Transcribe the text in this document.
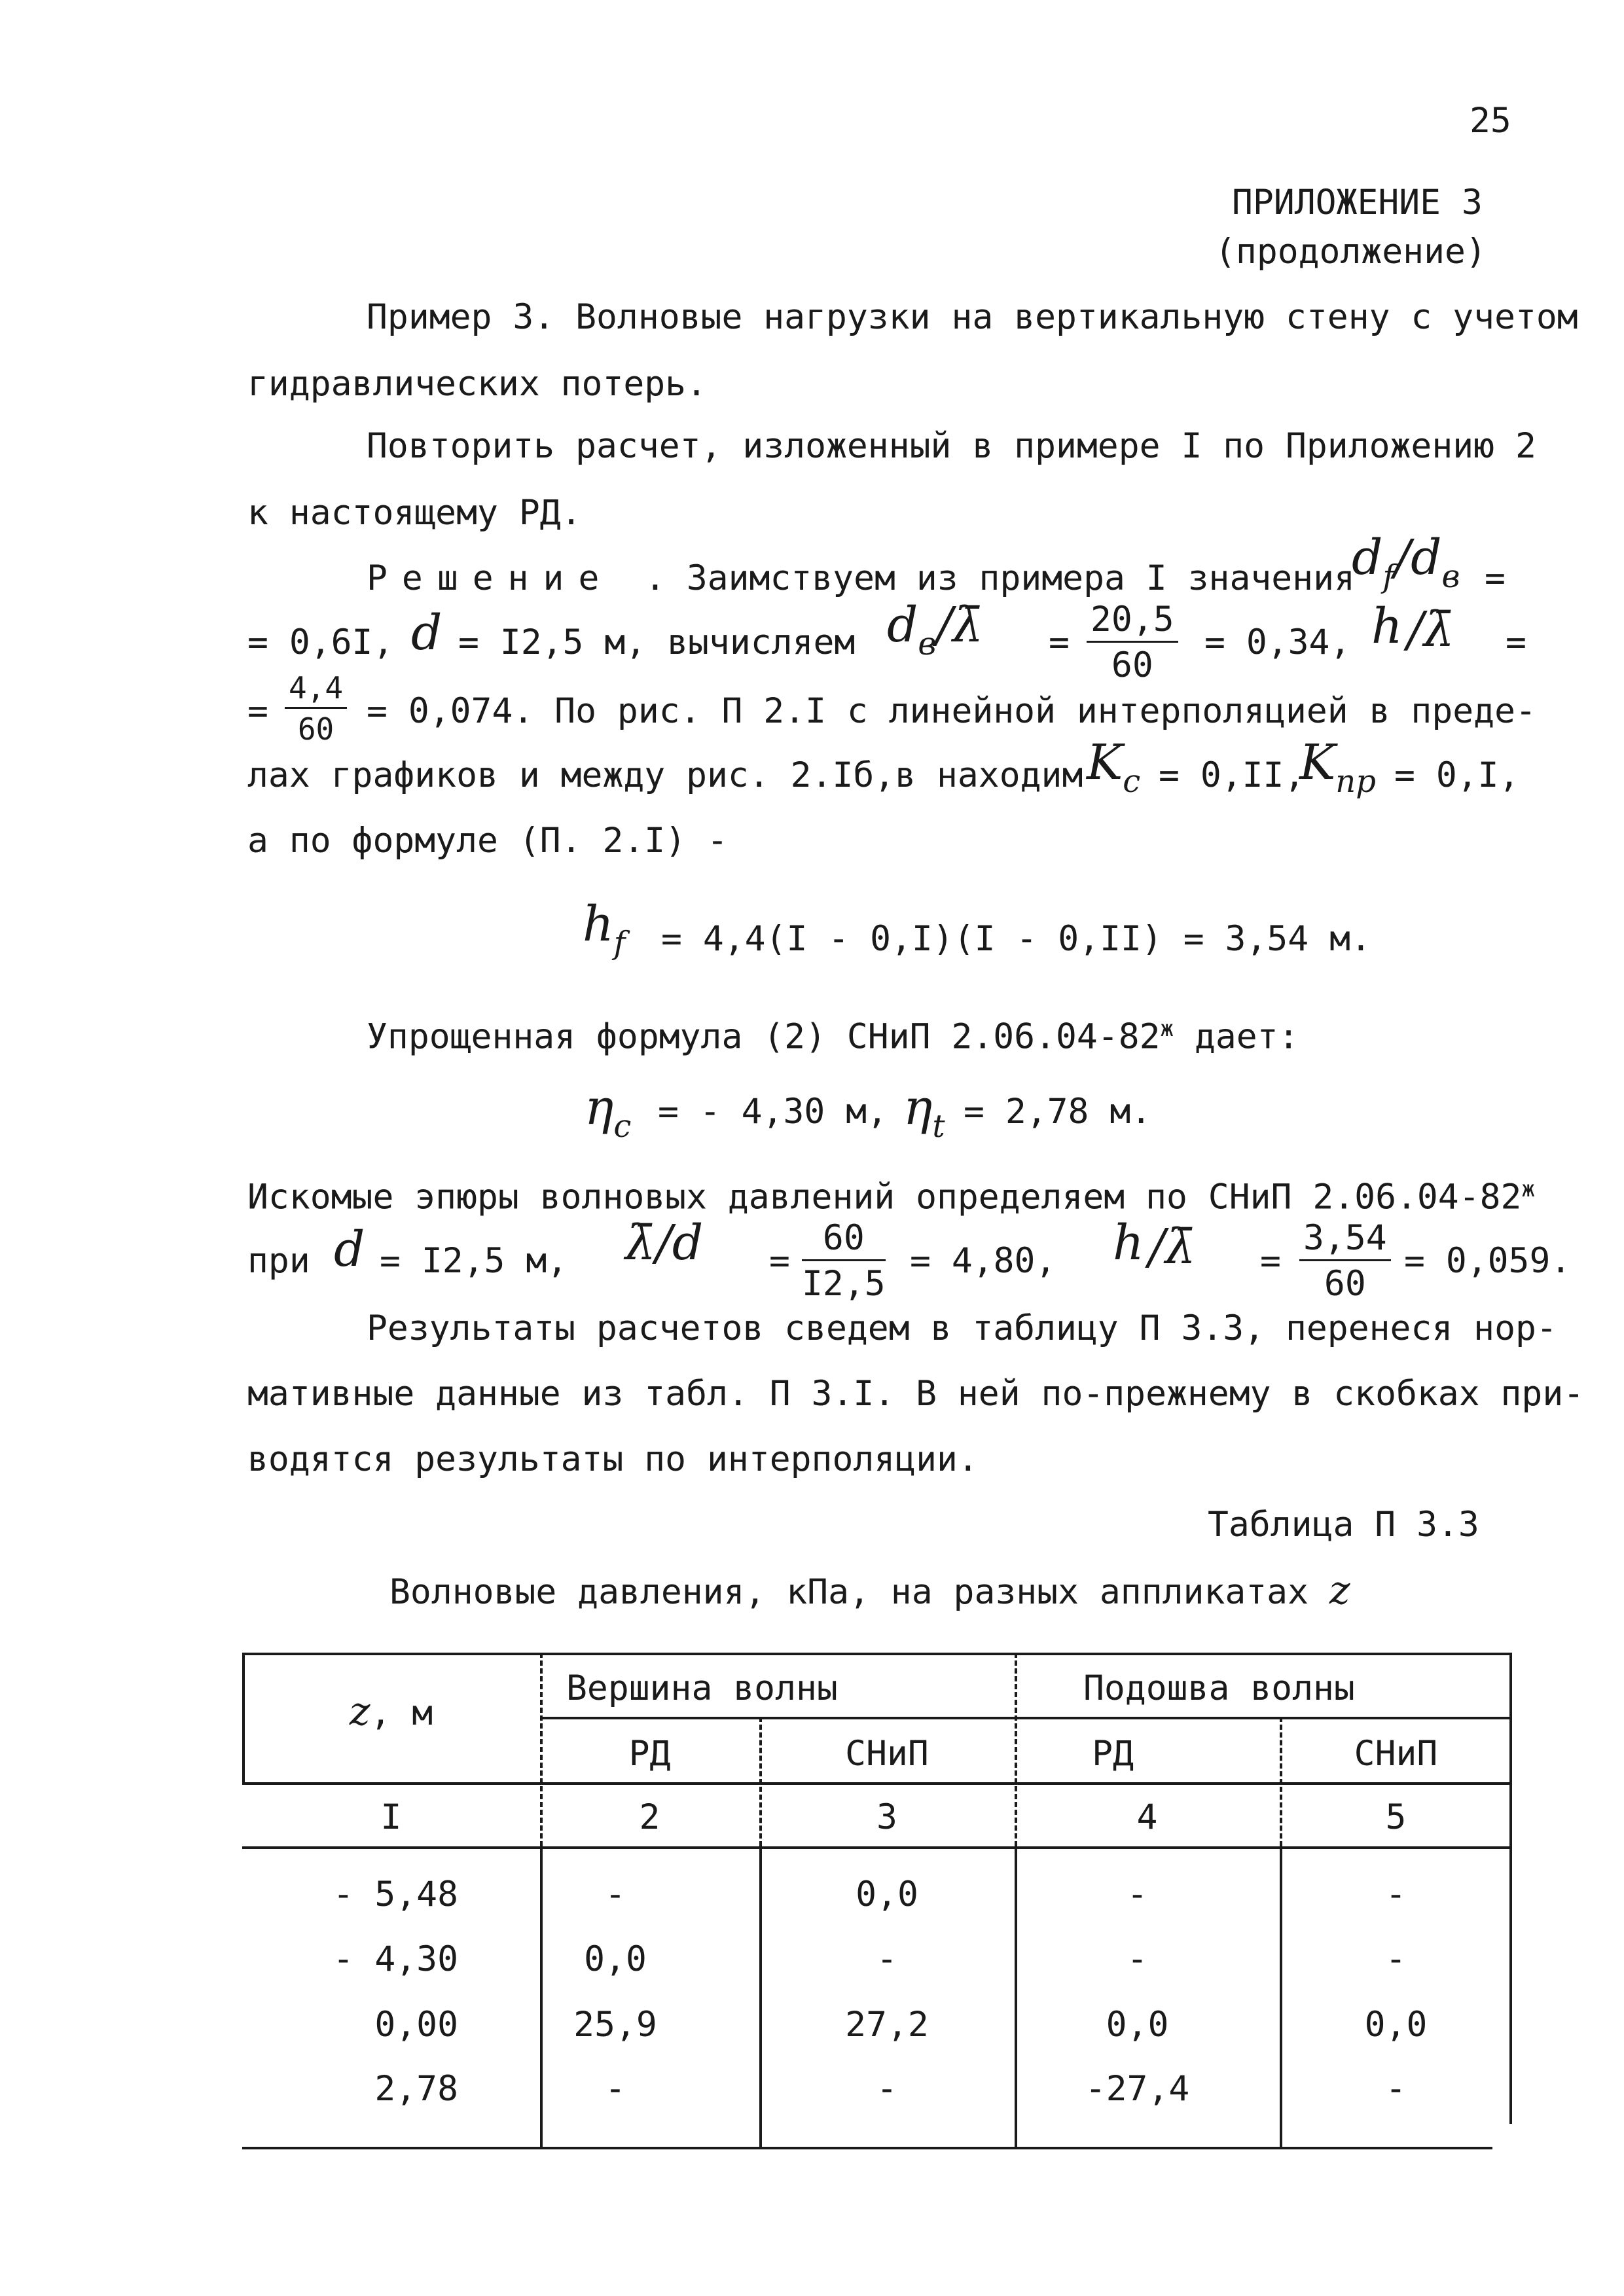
25
ПРИЛОЖЕНИЕ 3
(продолжение)
Пример 3. Волновые нагрузки на вертикальную стену с учетом
гидравлических потерь.
Повторить расчет, изложенный в примере I по Приложению 2
к настоящему РД.
Решение . Заимствуем из примера I значения
df/dв =
= 0,6I, d = I2,5 м, вычисляем dв/λ̄ = $\frac{20,5}{60} = 0,34$, h /λ̄ =
= $\frac{4,4}{60} = 0,074$. По рис. П 2.I с линейной интерполяцией в преде-
лах графиков и между рис. 2.Iб,в находим Kc = 0,II,
Kпр = 0,I,
а по формуле (П. 2.I) -
hf = 4,4(I - 0,I)(I - 0,II) = 3,54 м.
Упрощенная формула (2) СНиП $2.06.04-82^ж$ дает:
ηc = - 4,30 м, ηt = 2,78 м.
Искомые эпюры волновых давлений определяем по СНиП $2.06.04-82^ж$
при d = I2,5 м, λ̄/d = $\frac{60}{I2,5} = 4,80$, h /λ̄ = $\frac{3,54}{60} = 0,059$.
Результаты расчетов сведем в таблицу П 3.3, перенеся нор-
мативные данные из табл. П 3.I. В ней по-прежнему в скобках при-
водятся результаты по интерполяции.
Таблица П 3.3
Волновые давления, кПа, на разных аппликатах z
z, м
Вершина волны	Подошва волны
РД	СНиП	РД	СНиП
I	2	3	4	5
- 5,48	-	0,0	-	-
- 4,30	0,0	-	-	-
0,00	25,9	27,2	0,0	0,0
2,78	-	-	-27,4	-
